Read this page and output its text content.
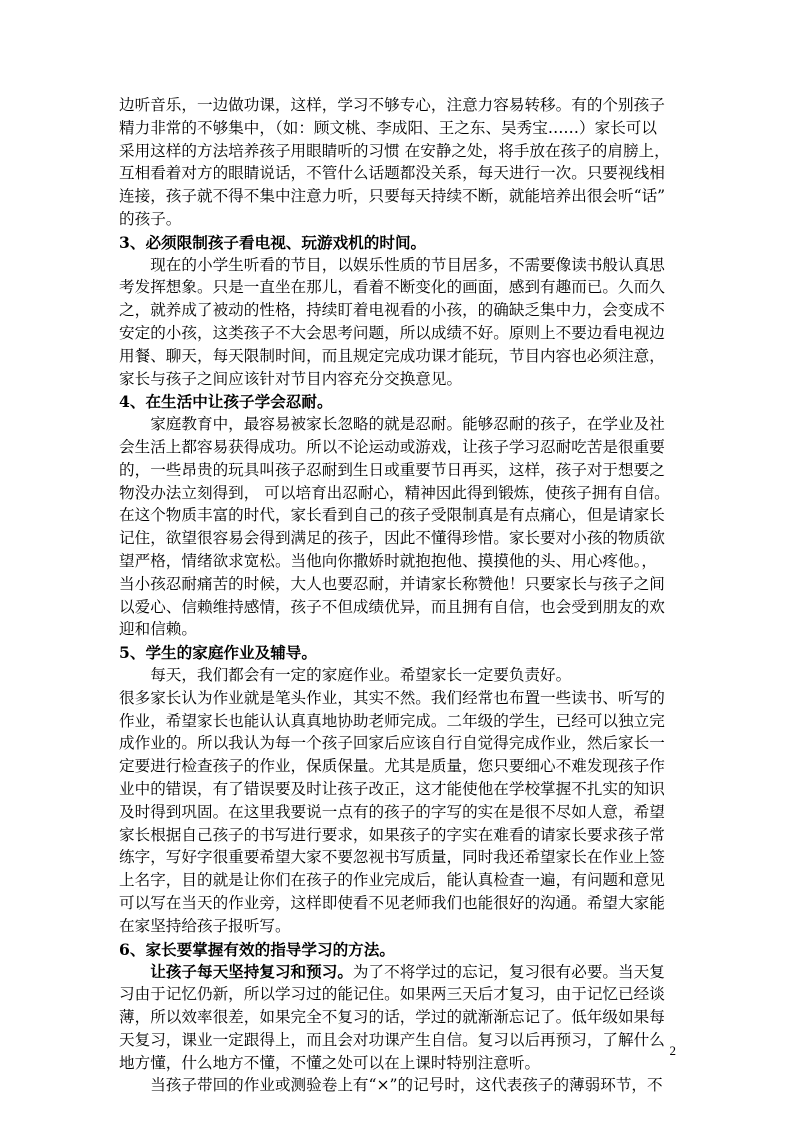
边听音乐，一边做功课，这样，学习不够专心，注意力容易转移。有的个别孩子
精力非常的不够集中，（如：顾文桃、李成阳、王之东、吴秀宝……）家长可以
采用这样的方法培养孩子用眼睛听的习惯 在安静之处，将手放在孩子的肩膀上，
互相看着对方的眼睛说话，不管什么话题都没关系，每天进行一次。只要视线相
连接，孩子就不得不集中注意力听，只要每天持续不断，就能培养出很会听“话”
的孩子。
3、必须限制孩子看电视、玩游戏机的时间。
　　现在的小学生听看的节目，以娱乐性质的节目居多，不需要像读书般认真思
考发挥想象。只是一直坐在那儿，看着不断变化的画面，感到有趣而已。久而久
之，就养成了被动的性格，持续盯着电视看的小孩，的确缺乏集中力，会变成不
安定的小孩，这类孩子不大会思考问题，所以成绩不好。原则上不要边看电视边
用餐、聊天，每天限制时间，而且规定完成功课才能玩，节目内容也必须注意，
家长与孩子之间应该针对节目内容充分交换意见。
4、在生活中让孩子学会忍耐。
　　家庭教育中，最容易被家长忽略的就是忍耐。能够忍耐的孩子，在学业及社
会生活上都容易获得成功。所以不论运动或游戏，让孩子学习忍耐吃苦是很重要
的，一些昂贵的玩具叫孩子忍耐到生日或重要节日再买，这样，孩子对于想要之
物没办法立刻得到， 可以培育出忍耐心，精神因此得到锻炼，使孩子拥有自信。
在这个物质丰富的时代，家长看到自己的孩子受限制真是有点痛心，但是请家长
记住，欲望很容易会得到满足的孩子，因此不懂得珍惜。家长要对小孩的物质欲
望严格，情绪欲求宽松。当他向你撒娇时就抱抱他、摸摸他的头、用心疼他。，
当小孩忍耐痛苦的时候，大人也要忍耐，并请家长称赞他！只要家长与孩子之间
以爱心、信赖维持感情，孩子不但成绩优异，而且拥有自信，也会受到朋友的欢
迎和信赖。
5、学生的家庭作业及辅导。
　　每天，我们都会有一定的家庭作业。希望家长一定要负责好。
很多家长认为作业就是笔头作业，其实不然。我们经常也布置一些读书、听写的
作业，希望家长也能认认真真地协助老师完成。二年级的学生，已经可以独立完
成作业的。所以我认为每一个孩子回家后应该自行自觉得完成作业，然后家长一
定要进行检查孩子的作业，保质保量。尤其是质量，您只要细心不难发现孩子作
业中的错误，有了错误要及时让孩子改正，这才能使他在学校掌握不扎实的知识
及时得到巩固。在这里我要说一点有的孩子的字写的实在是很不尽如人意，希望
家长根据自己孩子的书写进行要求，如果孩子的字实在难看的请家长要求孩子常
练字，写好字很重要希望大家不要忽视书写质量，同时我还希望家长在作业上签
上名字，目的就是让你们在孩子的作业完成后，能认真检查一遍，有问题和意见
可以写在当天的作业旁，这样即使看不见老师我们也能很好的沟通。希望大家能
在家坚持给孩子报听写。
6、家长要掌握有效的指导学习的方法。
　　让孩子每天坚持复习和预习。为了不将学过的忘记，复习很有必要。当天复
习由于记忆仍新，所以学习过的能记住。如果两三天后才复习，由于记忆已经谈
薄，所以效率很差，如果完全不复习的话，学过的就渐渐忘记了。低年级如果每
天复习，课业一定跟得上，而且会对功课产生自信。复习以后再预习，了解什么
地方懂，什么地方不懂，不懂之处可以在上课时特别注意听。
　　当孩子带回的作业或测验卷上有“×”的记号时，这代表孩子的薄弱环节，不
2
